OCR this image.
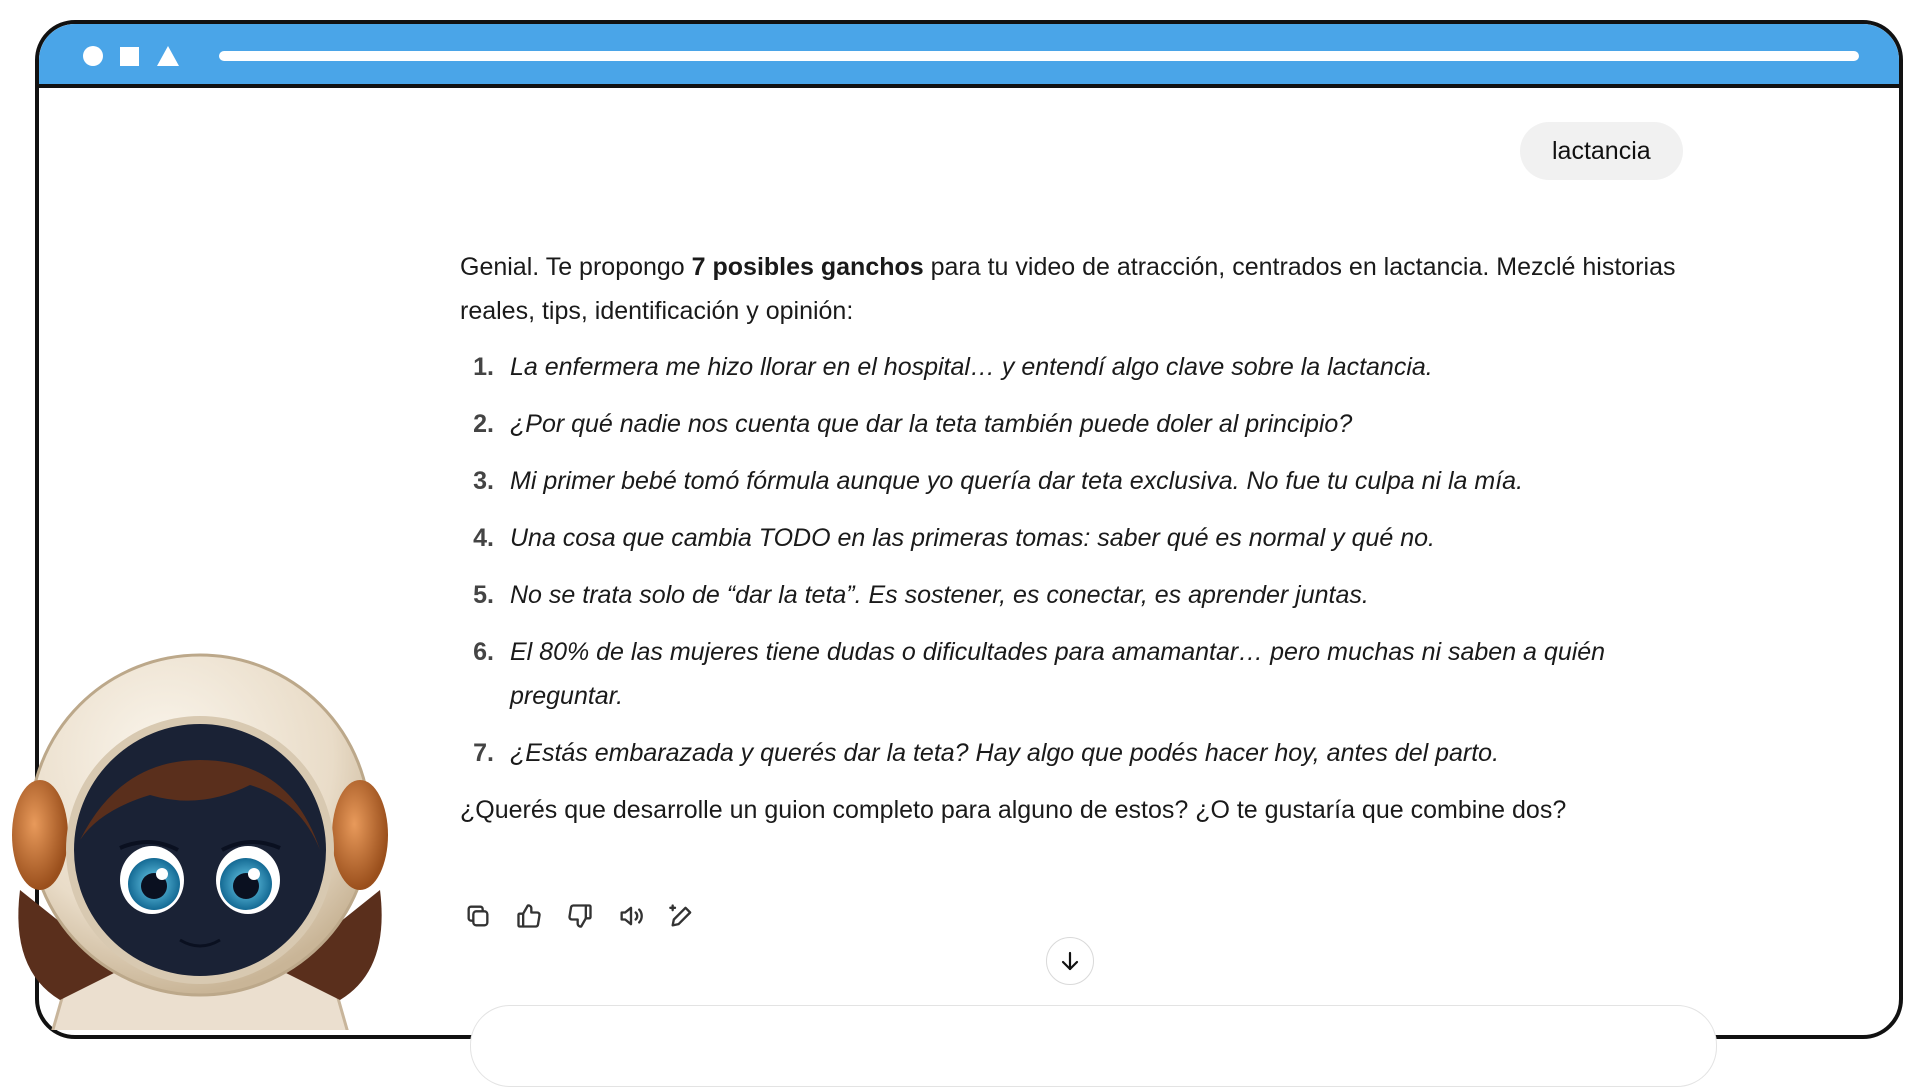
lactancia

Genial. Te propongo 7 posibles ganchos para tu video de atracción, centrados en lactancia. Mezclé historias reales, tips, identificación y opinión:

1. La enfermera me hizo llorar en el hospital… y entendí algo clave sobre la lactancia.
2. ¿Por qué nadie nos cuenta que dar la teta también puede doler al principio?
3. Mi primer bebé tomó fórmula aunque yo quería dar teta exclusiva. No fue tu culpa ni la mía.
4. Una cosa que cambia TODO en las primeras tomas: saber qué es normal y qué no.
5. No se trata solo de “dar la teta”. Es sostener, es conectar, es aprender juntas.
6. El 80% de las mujeres tiene dudas o dificultades para amamantar… pero muchas ni saben a quién preguntar.
7. ¿Estás embarazada y querés dar la teta? Hay algo que podés hacer hoy, antes del parto.

¿Querés que desarrolle un guion completo para alguno de estos? ¿O te gustaría que combine dos?
